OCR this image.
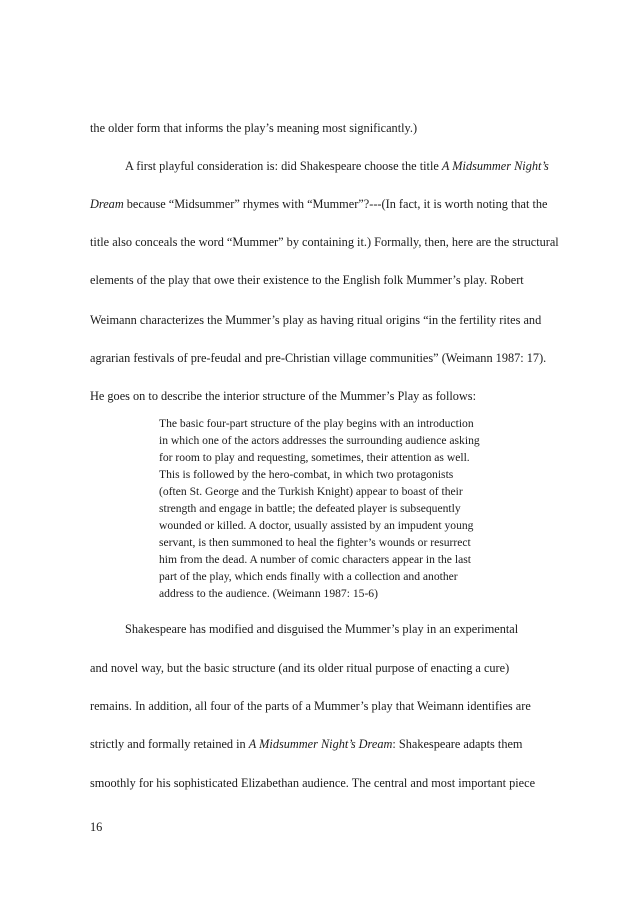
the older form that informs the play’s meaning most significantly.)
A first playful consideration is: did Shakespeare choose the title A Midsummer Night’s
Dream because “Midsummer” rhymes with “Mummer”?---(In fact, it is worth noting that the
title also conceals the word “Mummer” by containing it.) Formally, then, here are the structural
elements of the play that owe their existence to the English folk Mummer’s play. Robert
Weimann characterizes the Mummer’s play as having ritual origins “in the fertility rites and
agrarian festivals of pre-feudal and pre-Christian village communities” (Weimann 1987: 17).
He goes on to describe the interior structure of the Mummer’s Play as follows:
The basic four-part structure of the play begins with an introduction
in which one of the actors addresses the surrounding audience asking
for room to play and requesting, sometimes, their attention as well.
This is followed by the hero-combat, in which two protagonists
(often St. George and the Turkish Knight) appear to boast of their
strength and engage in battle; the defeated player is subsequently
wounded or killed. A doctor, usually assisted by an impudent young
servant, is then summoned to heal the fighter’s wounds or resurrect
him from the dead. A number of comic characters appear in the last
part of the play, which ends finally with a collection and another
address to the audience. (Weimann 1987: 15-6)
Shakespeare has modified and disguised the Mummer’s play in an experimental
and novel way, but the basic structure (and its older ritual purpose of enacting a cure)
remains. In addition, all four of the parts of a Mummer’s play that Weimann identifies are
strictly and formally retained in A Midsummer Night’s Dream: Shakespeare adapts them
smoothly for his sophisticated Elizabethan audience. The central and most important piece
16
